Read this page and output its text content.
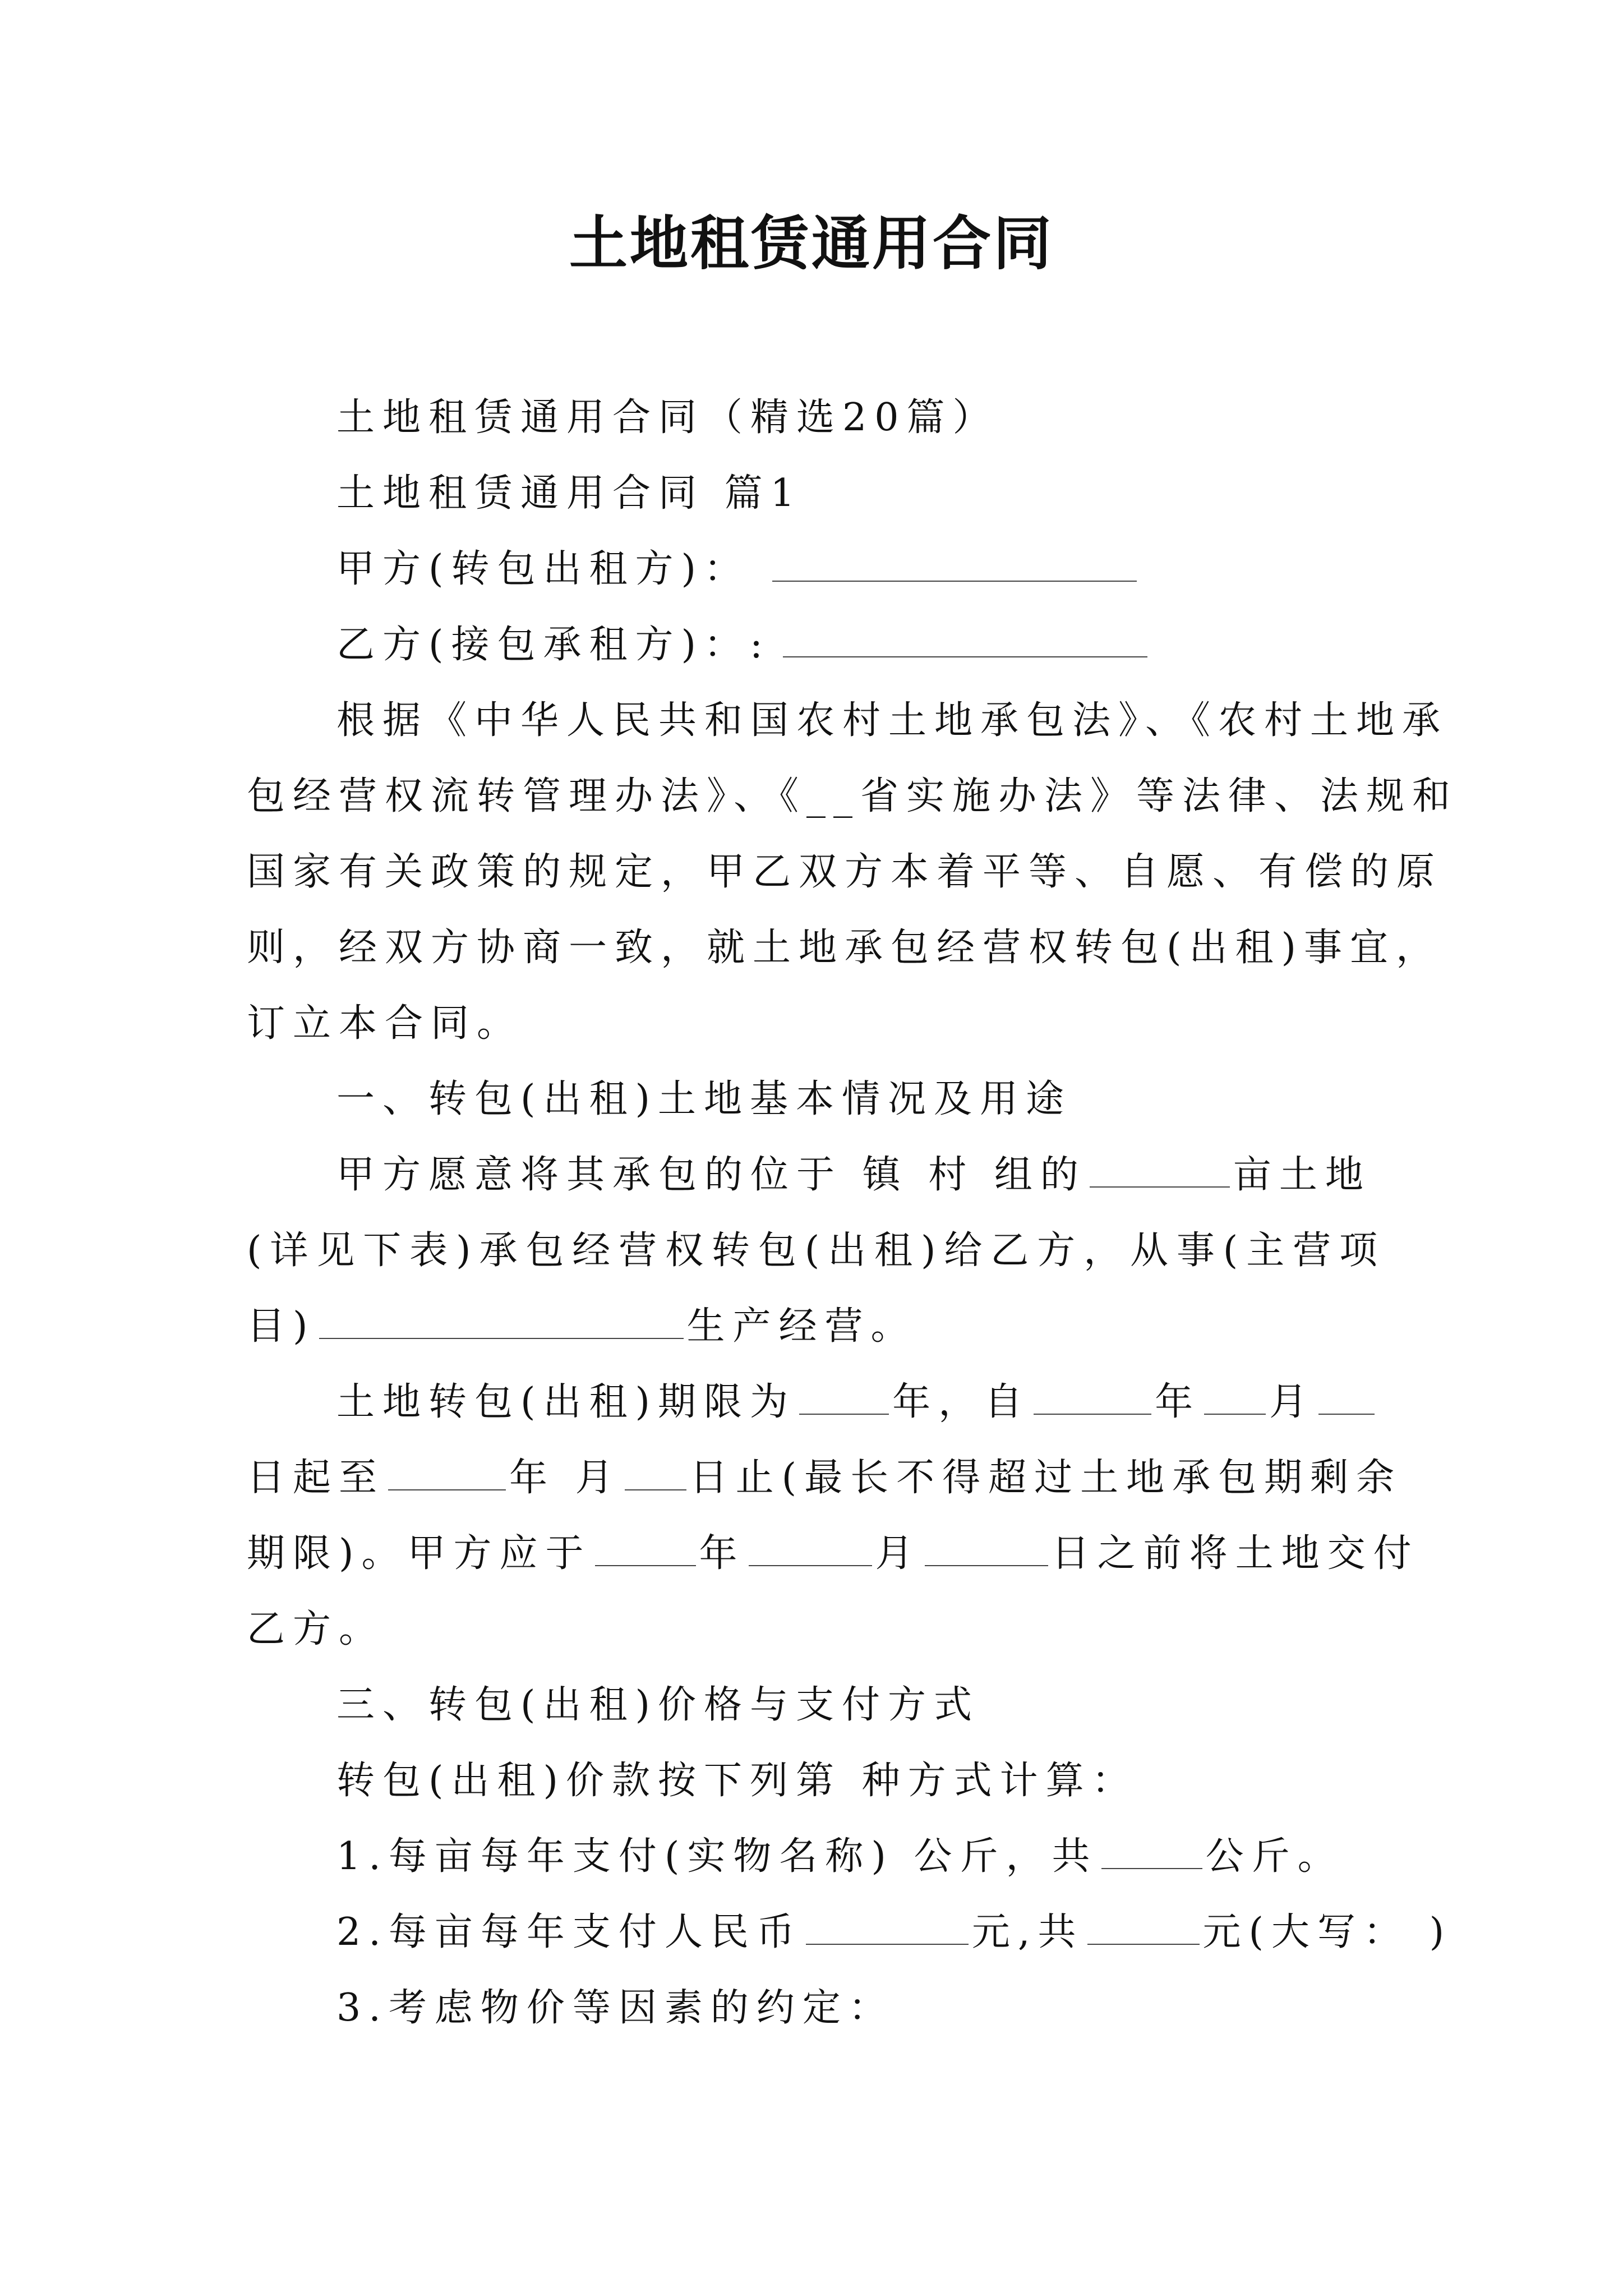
土地租赁通用合同
土地租赁通用合同（精选20篇）
土地租赁通用合同 篇1
甲方(转包出租方)：
乙方(接包承租方)：:
根据《中华人民共和国农村土地承包法》、《农村土地承
包经营权流转管理办法》、《__省实施办法》等法律、法规和
国家有关政策的规定，甲乙双方本着平等、自愿、有偿的原
则，经双方协商一致，就土地承包经营权转包(出租)事宜，
订立本合同。
一、转包(出租)土地基本情况及用途
甲方愿意将其承包的位于 镇 村 组的	亩土地
(详见下表)承包经营权转包(出租)给乙方，从事(主营项
目)	生产经营。
土地转包(出租)期限为	年，自	年 月
日起至	年 月 日止(最长不得超过土地承包期剩余
期限)。甲方应于	年	月	日之前将土地交付
乙方。
三、转包(出租)价格与支付方式
转包(出租)价款按下列第 种方式计算：
1.每亩每年支付(实物名称) 公斤，共	公斤。
2.每亩每年支付人民币	元,共	元(大写： )
3.考虑物价等因素的约定：
